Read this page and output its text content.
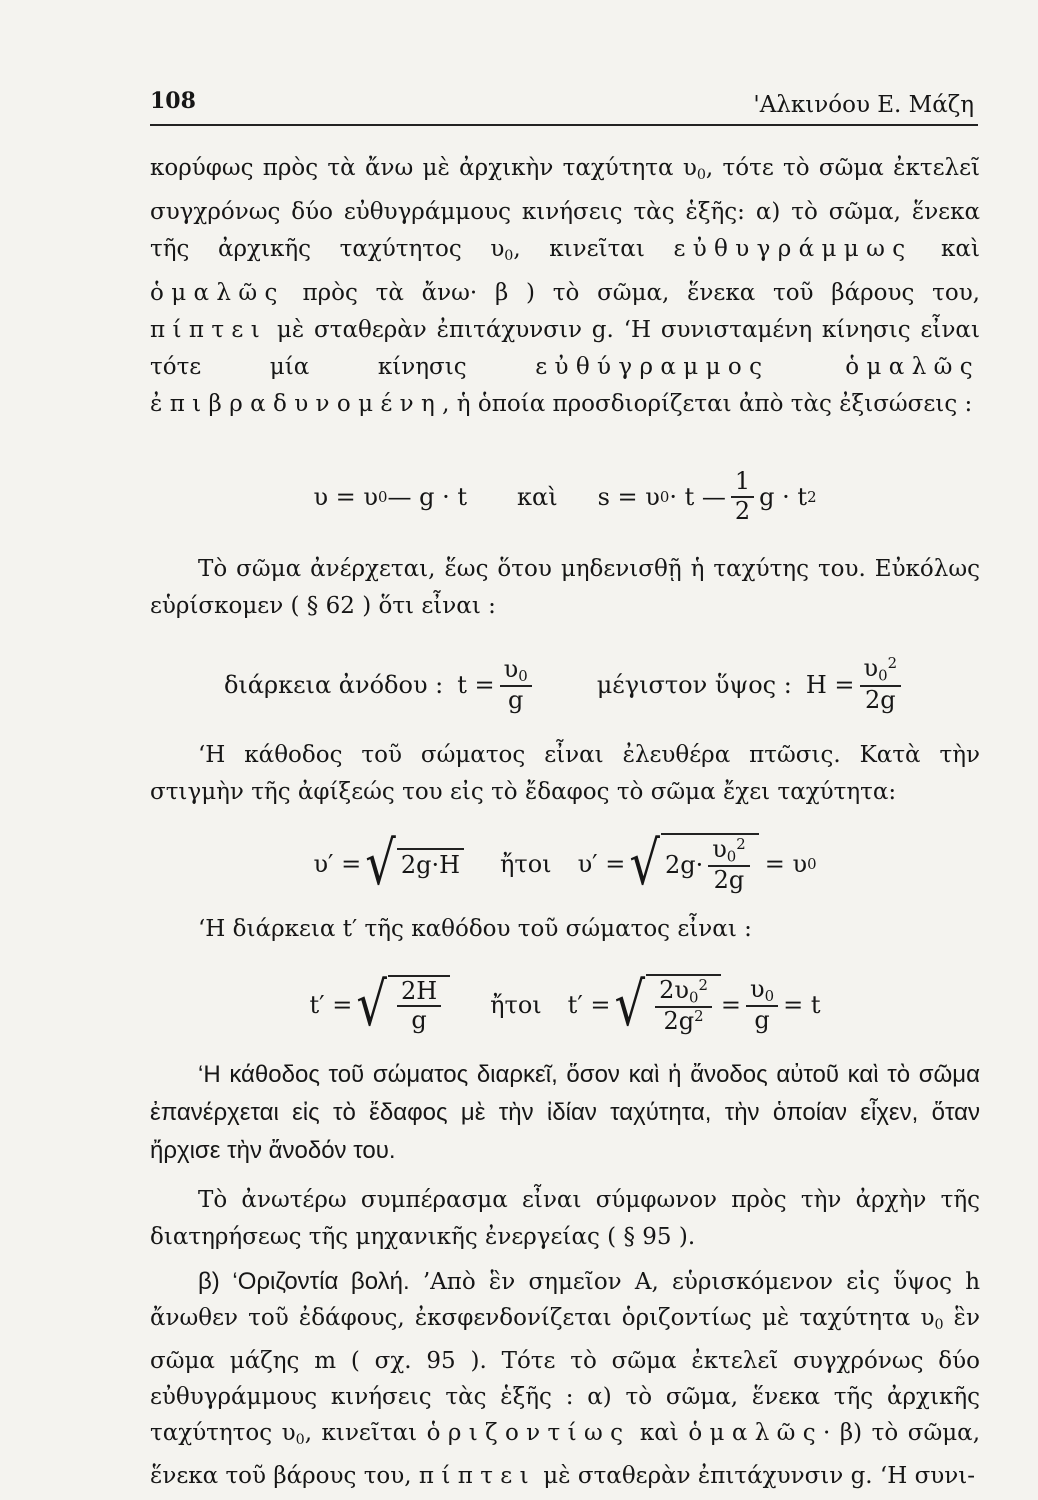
108	'Αλκινόου Ε. Μάζη

κορύφως πρὸς τὰ ἄνω μὲ ἀρχικὴν ταχύτητα $\upsilon_0$, τότε τὸ σῶμα ἐκτελεῖ συγχρόνως δύο εὐθυγράμμους κινήσεις τὰς ἑξῆς: α) τὸ σῶμα, ἕνεκα τῆς ἀρχικῆς ταχύτητος $\upsilon_0$, κινεῖται εὐθυγράμμως καὶ ὁμαλῶς πρὸς τὰ ἄνω· β ) τὸ σῶμα, ἕνεκα τοῦ βάρους του, πίπτει μὲ σταθερὰν ἐπιτάχυνσιν g. ‘Η συνισταμένη κίνησις εἶναι τότε μία κίνησις εὐθύγραμμος ὁμαλῶς ἐπιβραδυνομένη, ἡ ὁποία προσδιορίζεται ἀπὸ τὰς ἐξισώσεις :

υ = υ 0 — g · t καὶ s = υ 0 · t — $\frac{1}{2}$ g · t 2

Τὸ σῶμα ἀνέρχεται, ἕως ὅτου μηδενισθῇ ἡ ταχύτης του. Εὐκόλως εὑρίσκομεν ( § 62 ) ὅτι εἶναι :

διάρκεια ἀνόδου : $t = \frac{\upsilon_0}{g}$	μέγιστον ὕψος : $H = \frac{\upsilon_0^2}{2g}$

‘Η κάθοδος τοῦ σώματος εἶναι ἐλευθέρα πτῶσις. Κατὰ τὴν στιγμὴν τῆς ἀφίξεώς του εἰς τὸ ἔδαφος τὸ σῶμα ἔχει ταχύτητα:

υ′ = √ 2g·H ἤτοι υ′ = √ $2g\cdot \frac{\upsilon_0^2}{2g} = \upsilon$ 0

‘Η διάρκεια t′ τῆς καθόδου τοῦ σώματος εἶναι :

t′ = √ $\frac{2H}{g}$ ἤτοι t′ = √ $\frac{2\upsilon_0^2}{2g^2} = \frac{\upsilon_0}{g} = t$

‘Η κάθοδος τοῦ σώματος διαρκεῖ, ὅσον καὶ ἡ ἄνοδος αὐτοῦ καὶ τὸ σῶμα ἐπανέρχεται εἰς τὸ ἔδαφος μὲ τὴν ἰδίαν ταχύτητα, τὴν ὁποίαν εἶχεν, ὅταν ἤρχισε τὴν ἄνοδόν του.

Τὸ ἀνωτέρω συμπέρασμα εἶναι σύμφωνον πρὸς τὴν ἀρχὴν τῆς διατηρήσεως τῆς μηχανικῆς ἐνεργείας ( § 95 ).

β) ‘Οριζοντία βολή. ’Απὸ ἓν σημεῖον A, εὑρισκόμενον εἰς ὕψος h ἄνωθεν τοῦ ἐδάφους, ἐκσφενδονίζεται ὁριζοντίως μὲ ταχύτητα $\upsilon_0$ ἓν σῶμα μάζης m ( σχ. 95 ). Τότε τὸ σῶμα ἐκτελεῖ συγχρόνως δύο εὐθυγράμμους κινήσεις τὰς ἑξῆς : α) τὸ σῶμα, ἕνεκα τῆς ἀρχικῆς ταχύτητος $\upsilon_0$, κινεῖται ὁριζοντίως καὶ ὁμαλῶς· β) τὸ σῶμα, ἕνεκα τοῦ βάρους του, πίπτει μὲ σταθερὰν ἐπιτάχυνσιν g. ‘Η συνι-
